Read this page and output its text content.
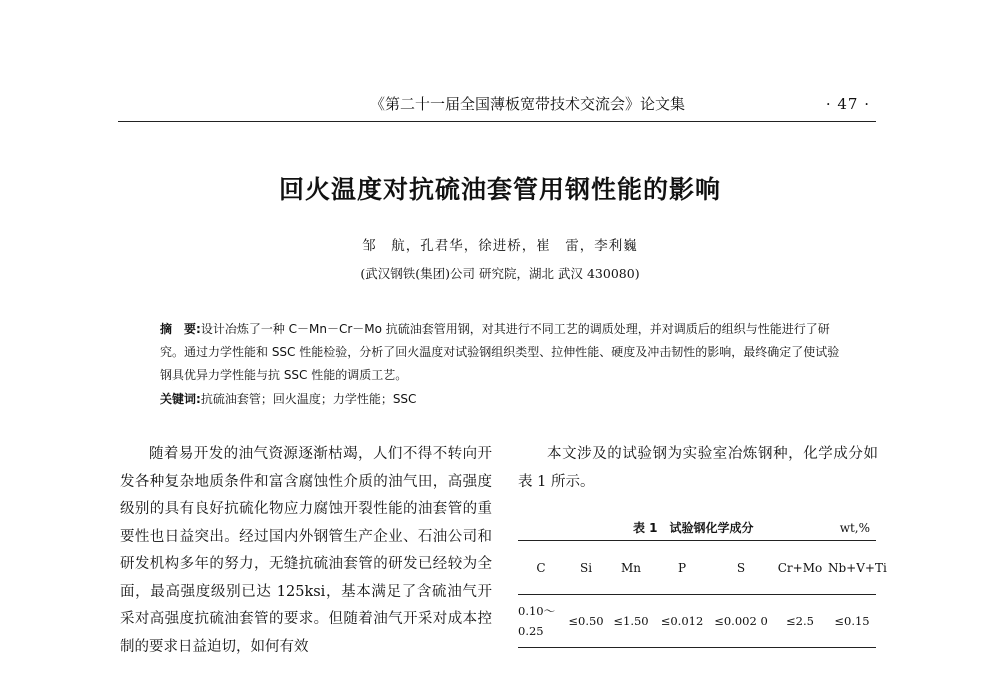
《第二十一届全国薄板宽带技术交流会》论文集	· 47 ·
回火温度对抗硫油套管用钢性能的影响
邹　航，孔君华，徐进桥，崔　雷，李利巍
(武汉钢铁(集团)公司 研究院，湖北 武汉 430080)
摘　要:设计冶炼了一种 C－Mn－Cr－Mo 抗硫油套管用钢，对其进行不同工艺的调质处理，并对调质后的组织与性能进行了研究。通过力学性能和 SSC 性能检验，分析了回火温度对试验钢组织类型、拉伸性能、硬度及冲击韧性的影响，最终确定了使试验钢具优异力学性能与抗 SSC 性能的调质工艺。
关键词:抗硫油套管；回火温度；力学性能；SSC

随着易开发的油气资源逐渐枯竭，人们不得不转向开发各种复杂地质条件和富含腐蚀性介质的油气田，高强度级别的具有良好抗硫化物应力腐蚀开裂性能的油套管的重要性也日益突出。经过国内外钢管生产企业、石油公司和研发机构多年的努力，无缝抗硫油套管的研发已经较为全面，最高强度级别已达 125ksi，基本满足了含硫油气开采对高强度抗硫油套管的要求。但随着油气开采对成本控制的要求日益迫切，如何有效

本文涉及的试验钢为实验室冶炼钢种，化学成分如表 1 所示。

表 1　试验钢化学成分	wt,%
C	Si	Mn	P	S	Cr+Mo	Nb+V+Ti
0.10～0.25	≤0.50	≤1.50	≤0.012	≤0.002 0	≤2.5	≤0.15
